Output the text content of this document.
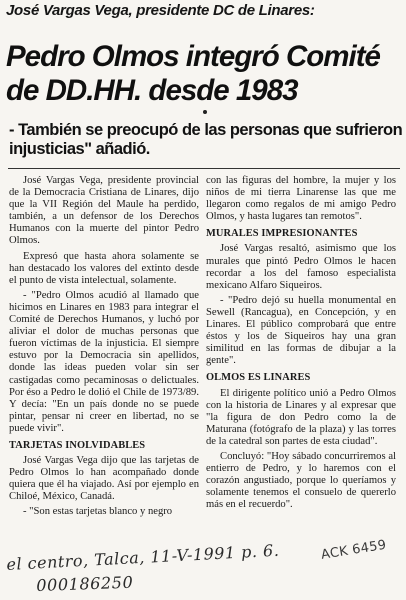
José Vargas Vega, presidente DC de Linares:
Pedro Olmos integró Comité
de DD.HH. desde 1983
- También se preocupó de las personas que sufrieron
injusticias" añadió.
José Vargas Vega, presidente provincial de la Democracia Cristiana de Linares, dijo que la VII Región del Maule ha perdido, también, a un defensor de los Derechos Humanos con la muerte del pintor Pedro Olmos.
Expresó que hasta ahora solamente se han destacado los valores del extinto desde el punto de vista intelectual, solamente.
- "Pedro Olmos acudió al llamado que hicimos en Linares en 1983 para integrar el Comité de Derechos Humanos, y luchó por aliviar el dolor de muchas personas que fueron víctimas de la injusticia. El siempre estuvo por la Democracia sin apellidos, donde las ideas pueden volar sin ser castigadas como pecaminosas o delictuales. Por éso a Pedro le dolió el Chile de 1973/89. Y decía: "En un país donde no se puede pintar, pensar ni creer en libertad, no se puede vivir".
TARJETAS INOLVIDABLES
José Vargas Vega dijo que las tarjetas de Pedro Olmos lo han acompañado donde quiera que él ha viajado. Así por ejemplo en Chiloé, México, Canadá.
- "Son estas tarjetas blanco y negro
con las figuras del hombre, la mujer y los niños de mi tierra Linarense las que me llegaron como regalos de mi amigo Pedro Olmos, y hasta lugares tan remotos".
MURALES IMPRESIONANTES
José Vargas resaltó, asimismo que los murales que pintó Pedro Olmos le hacen recordar a los del famoso especialista mexicano Alfaro Siqueiros.
- "Pedro dejó su huella monumental en Sewell (Rancagua), en Concepción, y en Linares. El público comprobará que entre éstos y los de Siqueiros hay una gran similitud en las formas de dibujar a la gente".
OLMOS ES LINARES
El dirigente político unió a Pedro Olmos con la historia de Linares y al expresar que "la figura de don Pedro como la de Maturana (fotógrafo de la plaza) y las torres de la catedral son partes de esta ciudad".
Concluyó: "Hoy sábado concurriremos al entierro de Pedro, y lo haremos con el corazón angustiado, porque lo queríamos y solamente tenemos el consuelo de quererlo más en el recuerdo".
el centro, Talca, 11-V-1991 p. 6.
000186250
ACK 6459
